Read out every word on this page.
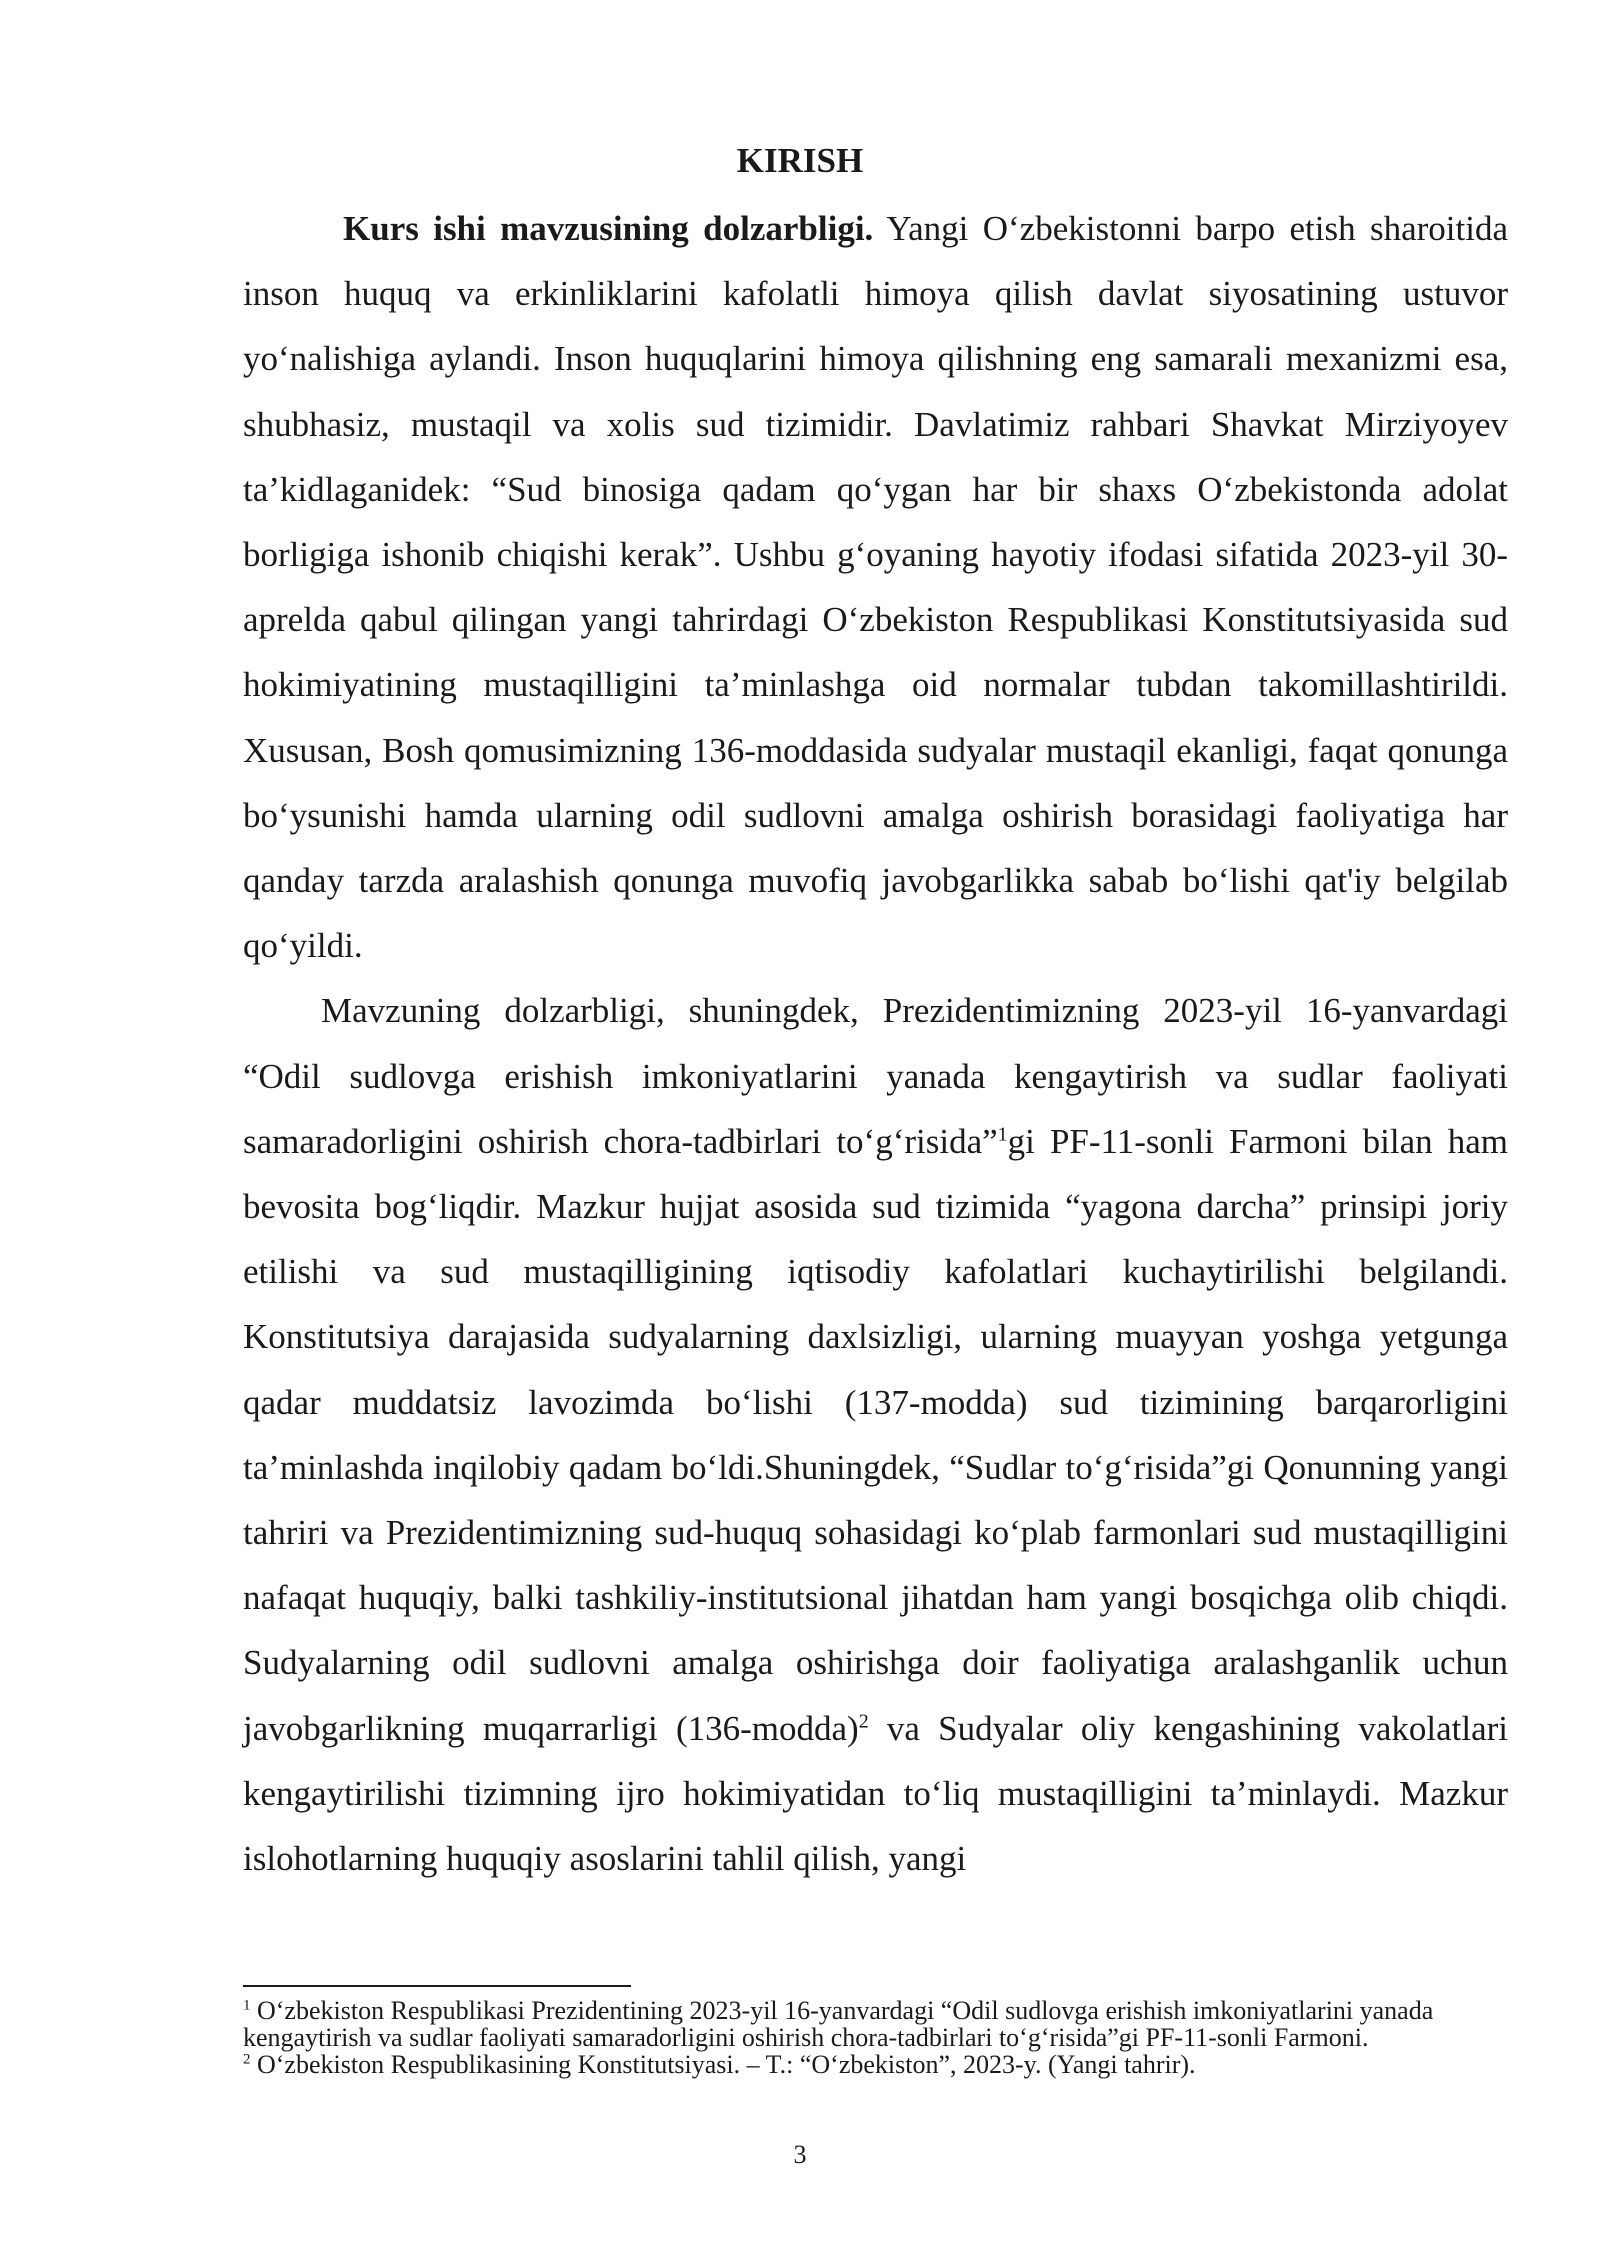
KIRISH

Kurs ishi mavzusining dolzarbligi. Yangi O‘zbekistonni barpo etish sharoitida inson huquq va erkinliklarini kafolatli himoya qilish davlat siyosatining ustuvor yo‘nalishiga aylandi. Inson huquqlarini himoya qilishning eng samarali mexanizmi esa, shubhasiz, mustaqil va xolis sud tizimidir. Davlatimiz rahbari Shavkat Mirziyoyev ta’kidlaganidek: “Sud binosiga qadam qo‘ygan har bir shaxs O‘zbekistonda adolat borligiga ishonib chiqishi kerak”. Ushbu g‘oyaning hayotiy ifodasi sifatida 2023-yil 30-aprelda qabul qilingan yangi tahrirdagi O‘zbekiston Respublikasi Konstitutsiyasida sud hokimiyatining mustaqilligini ta’minlashga oid normalar tubdan takomillashtirildi. Xususan, Bosh qomusimizning 136-moddasida sudyalar mustaqil ekanligi, faqat qonunga bo‘ysunishi hamda ularning odil sudlovni amalga oshirish borasidagi faoliyatiga har qanday tarzda aralashish qonunga muvofiq javobgarlikka sabab bo‘lishi qat'iy belgilab qo‘yildi.

Mavzuning dolzarbligi, shuningdek, Prezidentimizning 2023-yil 16-yanvardagi “Odil sudlovga erishish imkoniyatlarini yanada kengaytirish va sudlar faoliyati samaradorligini oshirish chora-tadbirlari to‘g‘risida”$^1$gi PF-11-sonli Farmoni bilan ham bevosita bog‘liqdir. Mazkur hujjat asosida sud tizimida “yagona darcha” prinsipi joriy etilishi va sud mustaqilligining iqtisodiy kafolatlari kuchaytirilishi belgilandi. Konstitutsiya darajasida sudyalarning daxlsizligi, ularning muayyan yoshga yetgunga qadar muddatsiz lavozimda bo‘lishi (137-modda) sud tizimining barqarorligini ta’minlashda inqilobiy qadam bo‘ldi.Shuningdek, “Sudlar to‘g‘risida”gi Qonunning yangi tahriri va Prezidentimizning sud-huquq sohasidagi ko‘plab farmonlari sud mustaqilligini nafaqat huquqiy, balki tashkiliy-institutsional jihatdan ham yangi bosqichga olib chiqdi. Sudyalarning odil sudlovni amalga oshirishga doir faoliyatiga aralashganlik uchun javobgarlikning muqarrarligi (136-modda)$^2$ va Sudyalar oliy kengashining vakolatlari kengaytirilishi tizimning ijro hokimiyatidan to‘liq mustaqilligini ta’minlaydi. Mazkur islohotlarning huquqiy asoslarini tahlil qilish, yangi

$^1$ O‘zbekiston Respublikasi Prezidentining 2023-yil 16-yanvardagi “Odil sudlovga erishish imkoniyatlarini yanada kengaytirish va sudlar faoliyati samaradorligini oshirish chora-tadbirlari to‘g‘risida”gi PF-11-sonli Farmoni.

$^2$ O‘zbekiston Respublikasining Konstitutsiyasi. – T.: “O‘zbekiston”, 2023-y. (Yangi tahrir).

3
